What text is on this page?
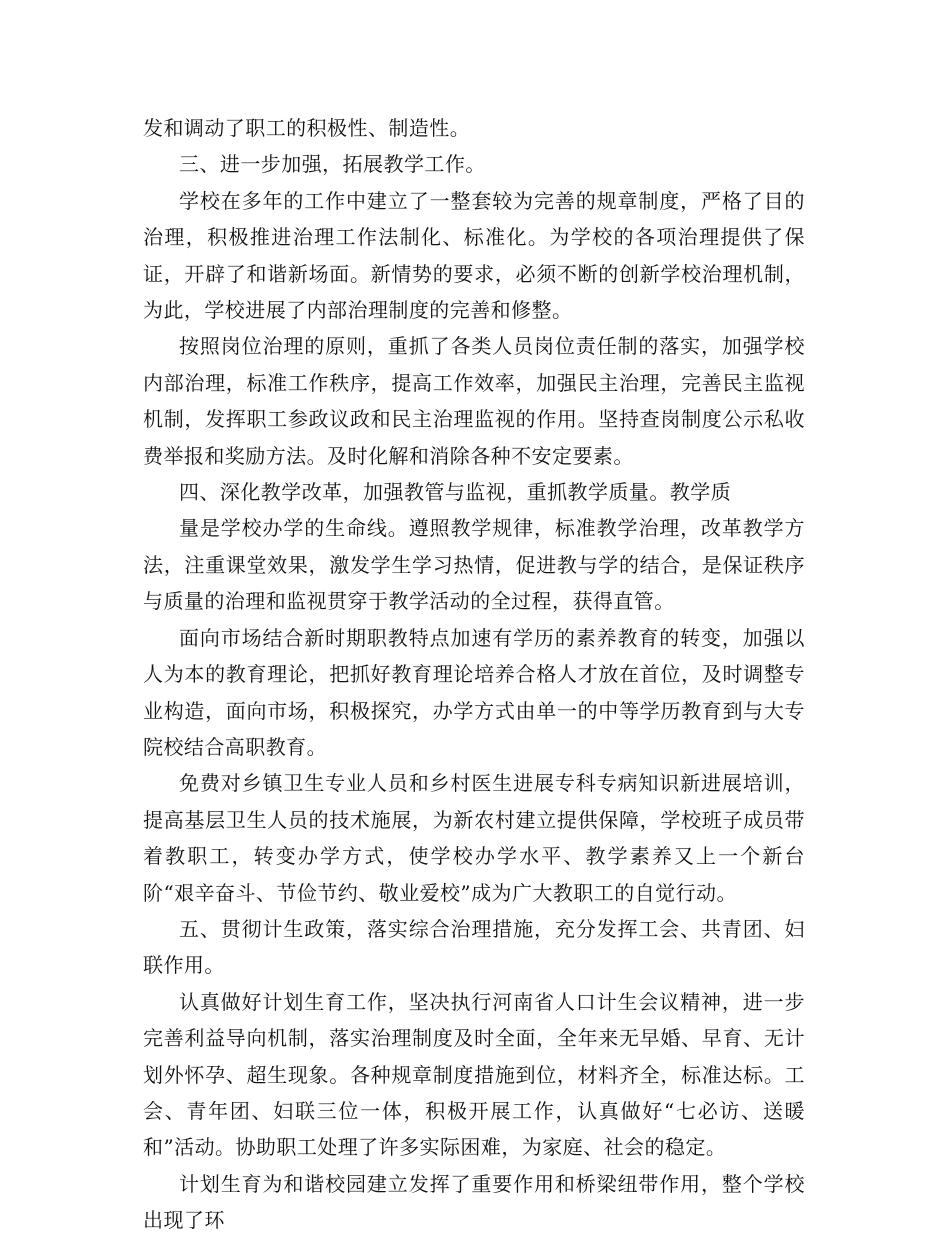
发和调动了职工的积极性、制造性。

三、进一步加强，拓展教学工作。

学校在多年的工作中建立了一整套较为完善的规章制度，严格了目的治理，积极推进治理工作法制化、标准化。为学校的各项治理提供了保证，开辟了和谐新场面。新情势的要求，必须不断的创新学校治理机制，为此，学校进展了内部治理制度的完善和修整。

按照岗位治理的原则，重抓了各类人员岗位责任制的落实，加强学校内部治理，标准工作秩序，提高工作效率，加强民主治理，完善民主监视机制，发挥职工参政议政和民主治理监视的作用。坚持查岗制度公示私收费举报和奖励方法。及时化解和消除各种不安定要素。

四、深化教学改革，加强教管与监视，重抓教学质量。教学质

量是学校办学的生命线。遵照教学规律，标准教学治理，改革教学方法，注重课堂效果，激发学生学习热情，促进教与学的结合，是保证秩序与质量的治理和监视贯穿于教学活动的全过程，获得直管。

面向市场结合新时期职教特点加速有学历的素养教育的转变，加强以人为本的教育理论，把抓好教育理论培养合格人才放在首位，及时调整专业构造，面向市场，积极探究，办学方式由单一的中等学历教育到与大专院校结合高职教育。

免费对乡镇卫生专业人员和乡村医生进展专科专病知识新进展培训，提高基层卫生人员的技术施展，为新农村建立提供保障，学校班子成员带着教职工，转变办学方式，使学校办学水平、教学素养又上一个新台阶“艰辛奋斗、节俭节约、敬业爱校”成为广大教职工的自觉行动。

五、贯彻计生政策，落实综合治理措施，充分发挥工会、共青团、妇联作用。

认真做好计划生育工作，坚决执行河南省人口计生会议精神，进一步完善利益导向机制，落实治理制度及时全面，全年来无早婚、早育、无计划外怀孕、超生现象。各种规章制度措施到位，材料齐全，标准达标。工会、青年团、妇联三位一体，积极开展工作，认真做好“七必访、送暖和”活动。协助职工处理了许多实际困难，为家庭、社会的稳定。

计划生育为和谐校园建立发挥了重要作用和桥梁纽带作用，整个学校出现了环
